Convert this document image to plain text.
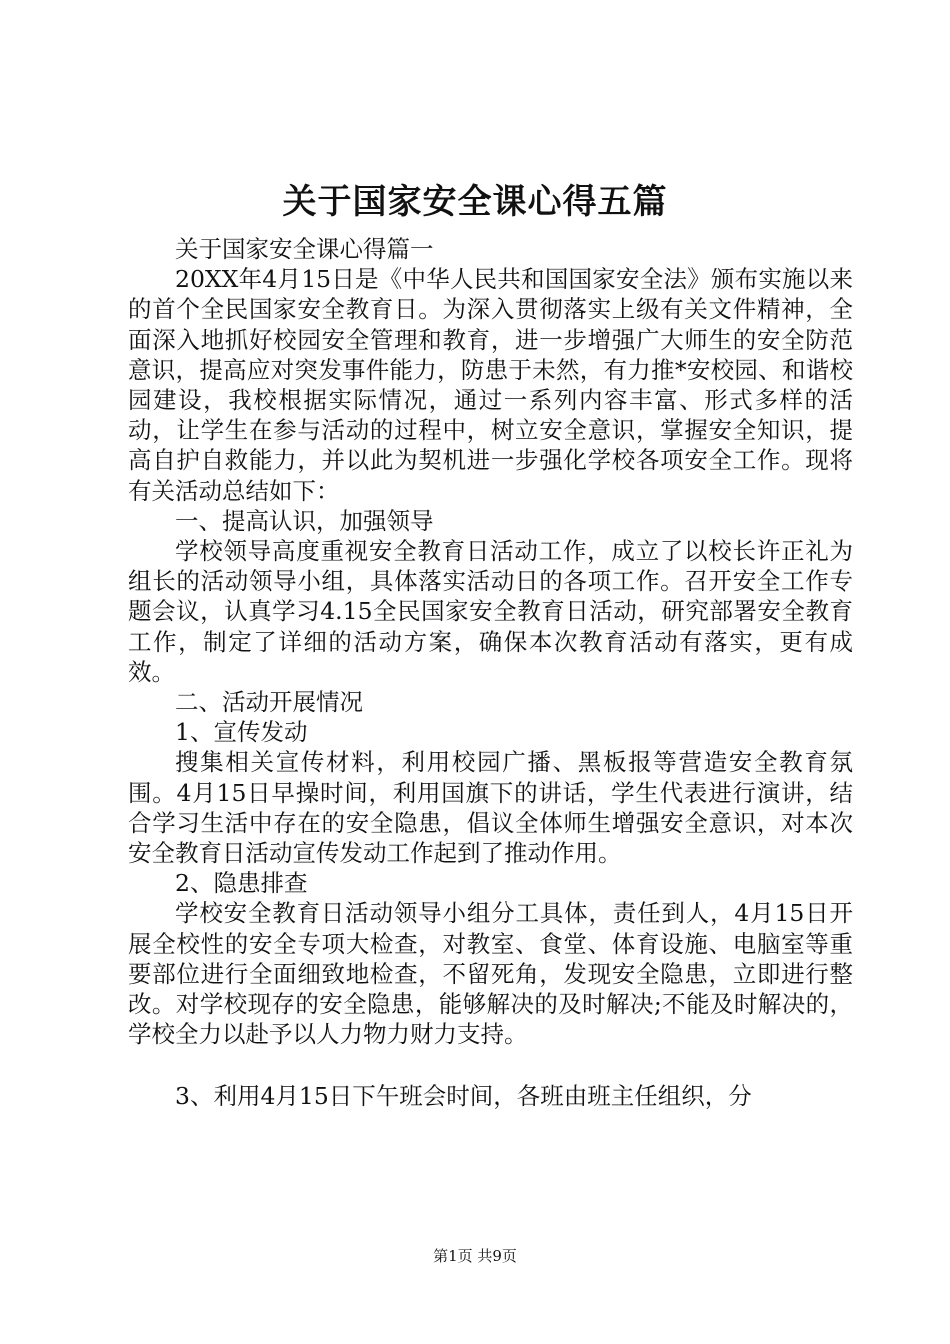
关于国家安全课心得五篇

关于国家安全课心得篇一

20XX年4月15日是《中华人民共和国国家安全法》颁布实施以来的首个全民国家安全教育日。为深入贯彻落实上级有关文件精神，全面深入地抓好校园安全管理和教育，进一步增强广大师生的安全防范意识，提高应对突发事件能力，防患于未然，有力推*安校园、和谐校园建设，我校根据实际情况，通过一系列内容丰富、形式多样的活动，让学生在参与活动的过程中，树立安全意识，掌握安全知识，提高自护自救能力，并以此为契机进一步强化学校各项安全工作。现将有关活动总结如下：

一、提高认识，加强领导

学校领导高度重视安全教育日活动工作，成立了以校长许正礼为组长的活动领导小组，具体落实活动日的各项工作。召开安全工作专题会议，认真学习4.15全民国家安全教育日活动，研究部署安全教育工作，制定了详细的活动方案，确保本次教育活动有落实，更有成效。

二、活动开展情况

1、宣传发动

搜集相关宣传材料，利用校园广播、黑板报等营造安全教育氛围。4月15日早操时间，利用国旗下的讲话，学生代表进行演讲，结合学习生活中存在的安全隐患，倡议全体师生增强安全意识，对本次安全教育日活动宣传发动工作起到了推动作用。

2、隐患排查

学校安全教育日活动领导小组分工具体，责任到人，4月15日开展全校性的安全专项大检查，对教室、食堂、体育设施、电脑室等重要部位进行全面细致地检查，不留死角，发现安全隐患，立即进行整改。对学校现存的安全隐患，能够解决的及时解决;不能及时解决的，学校全力以赴予以人力物力财力支持。

3、利用4月15日下午班会时间，各班由班主任组织，分

第1页 共9页
